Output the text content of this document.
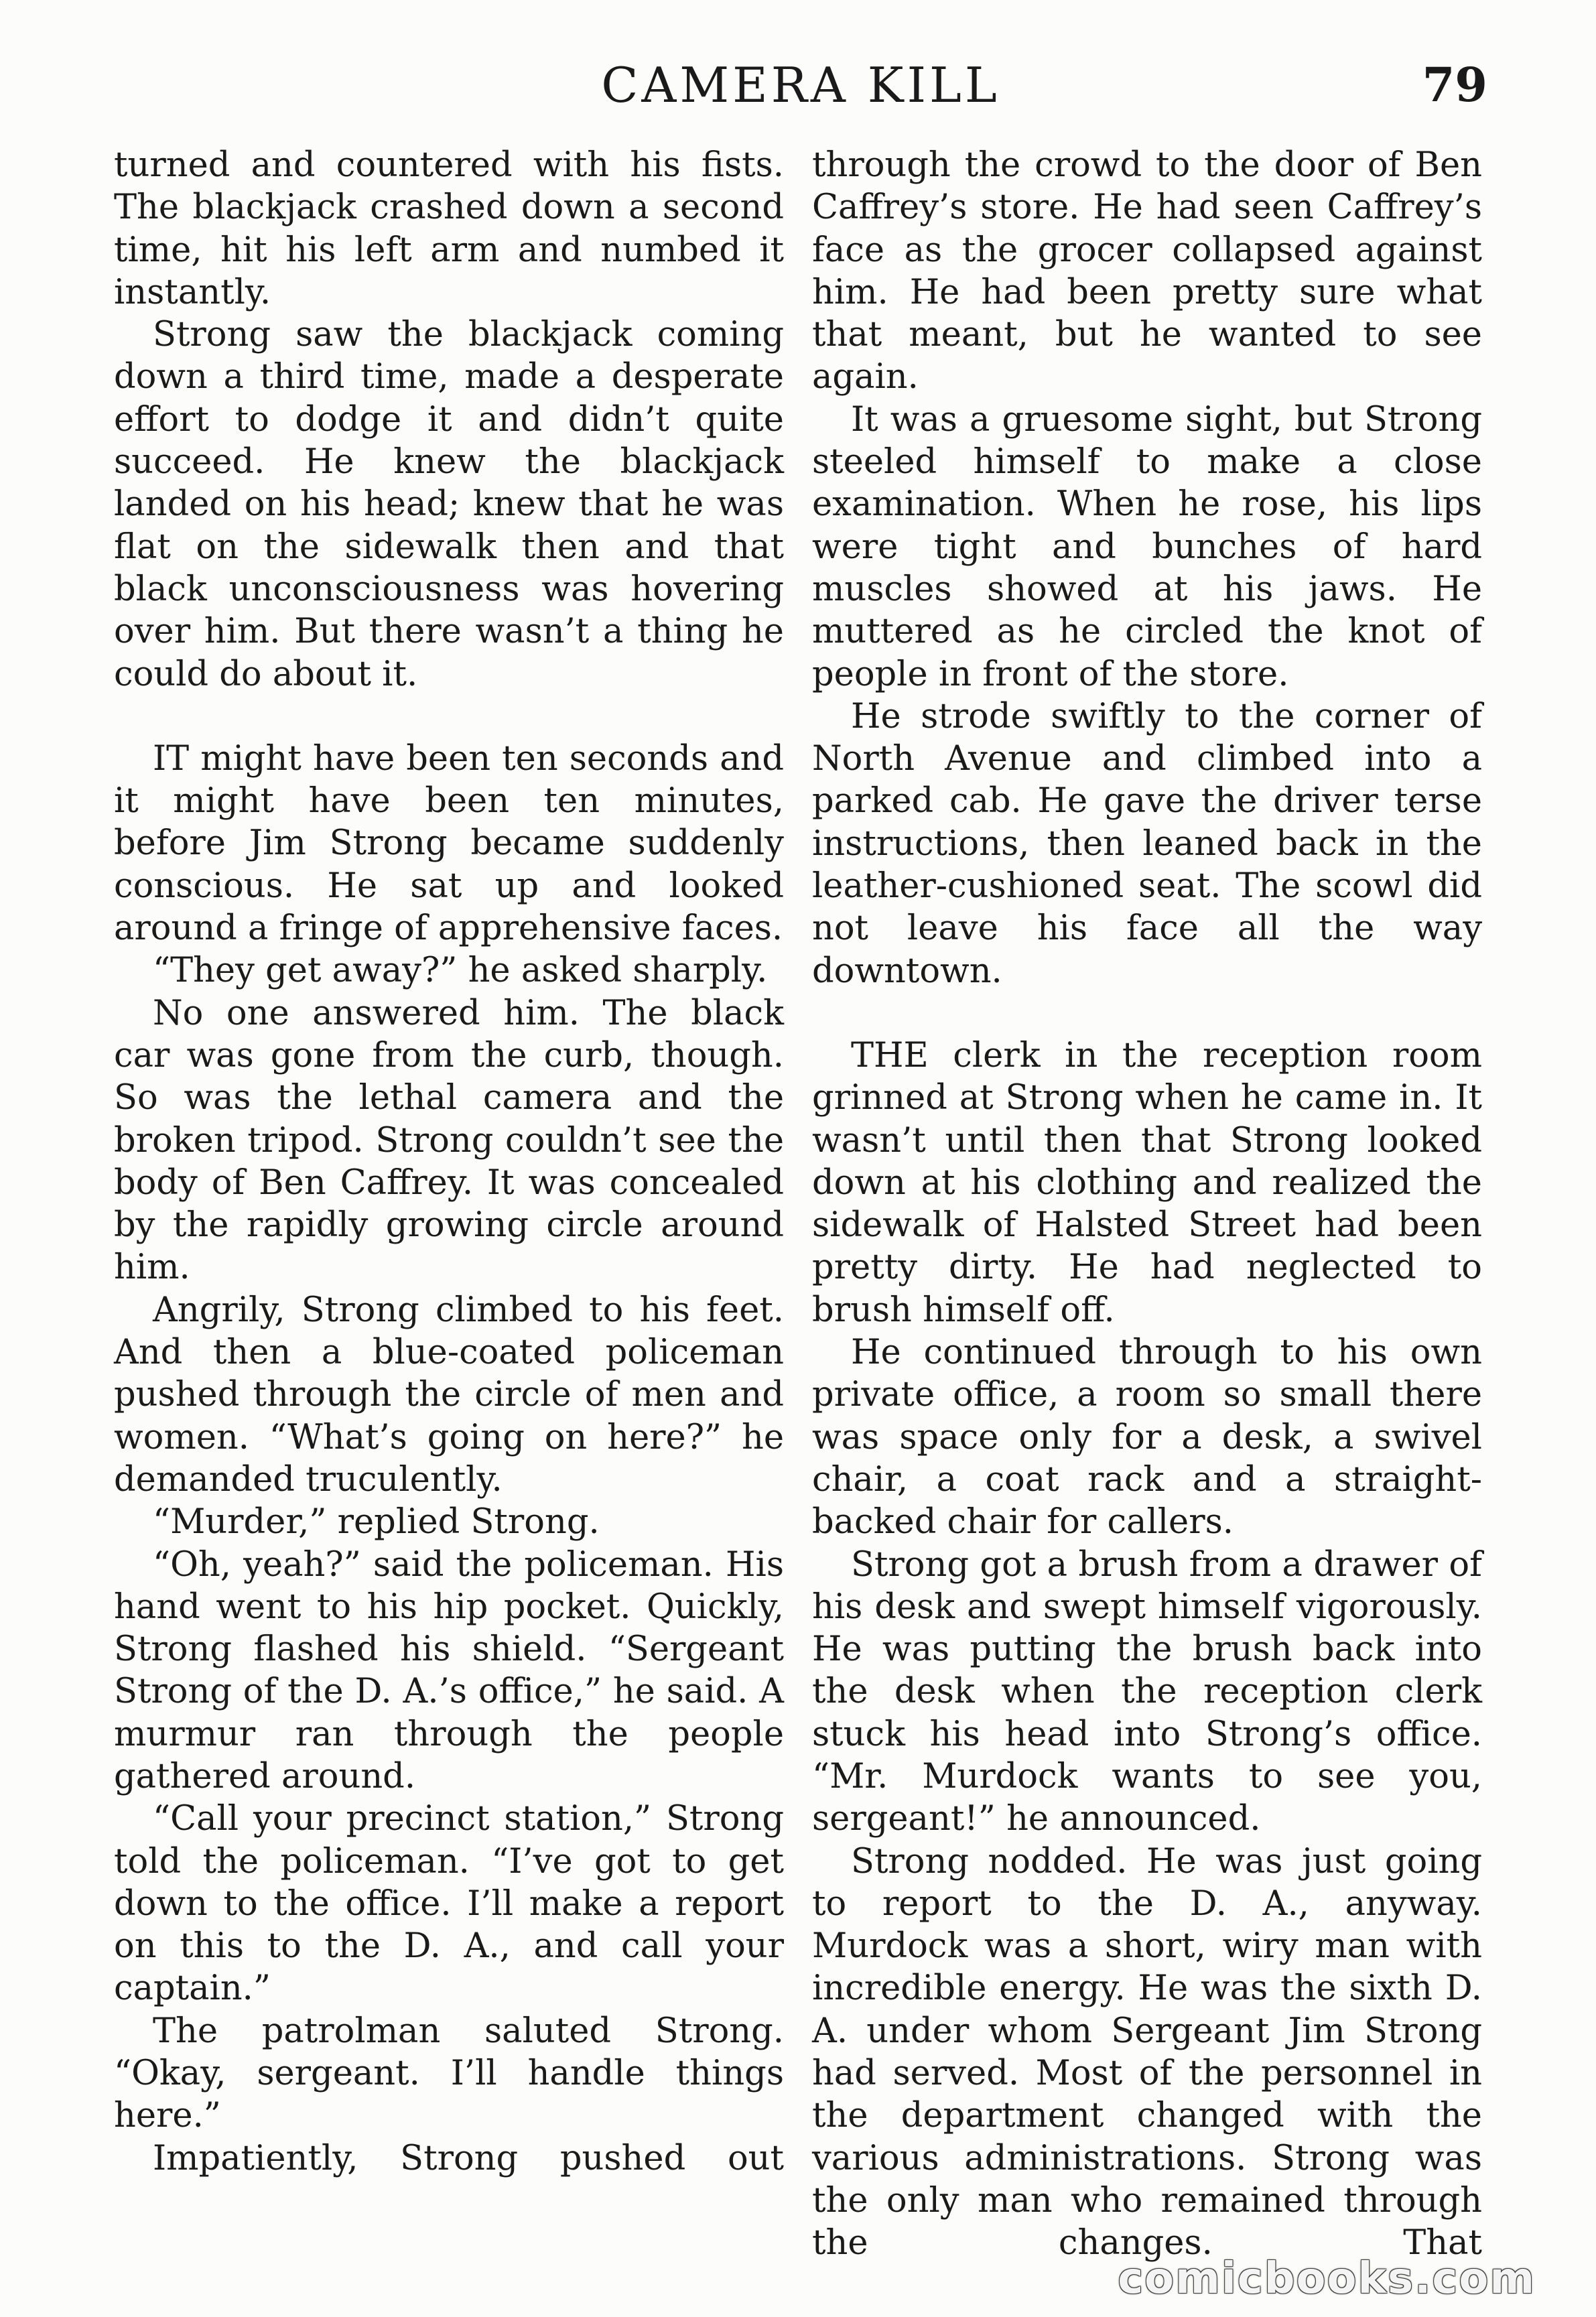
CAMERA KILL	79

turned and countered with his fists. The blackjack crashed down a second time, hit his left arm and numbed it instantly.

Strong saw the blackjack coming down a third time, made a desperate effort to dodge it and didn’t quite succeed. He knew the blackjack landed on his head; knew that he was flat on the sidewalk then and that black unconsciousness was hovering over him. But there wasn’t a thing he could do about it.

IT might have been ten seconds and it might have been ten minutes, before Jim Strong became suddenly conscious. He sat up and looked around a fringe of apprehensive faces.

“They get away?” he asked sharply.

No one answered him. The black car was gone from the curb, though. So was the lethal camera and the broken tripod. Strong couldn’t see the body of Ben Caffrey. It was concealed by the rapidly growing circle around him.

Angrily, Strong climbed to his feet. And then a blue-coated policeman pushed through the circle of men and women. “What’s going on here?” he demanded truculently.

“Murder,” replied Strong.

“Oh, yeah?” said the policeman. His hand went to his hip pocket. Quickly, Strong flashed his shield. “Sergeant Strong of the D. A.’s office,” he said. A murmur ran through the people gathered around.

“Call your precinct station,” Strong told the policeman. “I’ve got to get down to the office. I’ll make a report on this to the D. A., and call your captain.”

The patrolman saluted Strong. “Okay, sergeant. I’ll handle things here.”

Impatiently, Strong pushed out

through the crowd to the door of Ben Caffrey’s store. He had seen Caffrey’s face as the grocer collapsed against him. He had been pretty sure what that meant, but he wanted to see again.

It was a gruesome sight, but Strong steeled himself to make a close examination. When he rose, his lips were tight and bunches of hard muscles showed at his jaws. He muttered as he circled the knot of people in front of the store.

He strode swiftly to the corner of North Avenue and climbed into a parked cab. He gave the driver terse instructions, then leaned back in the leather-cushioned seat. The scowl did not leave his face all the way downtown.

THE clerk in the reception room grinned at Strong when he came in. It wasn’t until then that Strong looked down at his clothing and realized the sidewalk of Halsted Street had been pretty dirty. He had neglected to brush himself off.

He continued through to his own private office, a room so small there was space only for a desk, a swivel chair, a coat rack and a straight-backed chair for callers.

Strong got a brush from a drawer of his desk and swept himself vigorously. He was putting the brush back into the desk when the reception clerk stuck his head into Strong’s office. “Mr. Murdock wants to see you, sergeant!” he announced.

Strong nodded. He was just going to report to the D. A., anyway. Murdock was a short, wiry man with incredible energy. He was the sixth D. A. under whom Sergeant Jim Strong had served. Most of the personnel in the department changed with the various administrations. Strong was the only man who remained through the changes. That

comicbooks.com
